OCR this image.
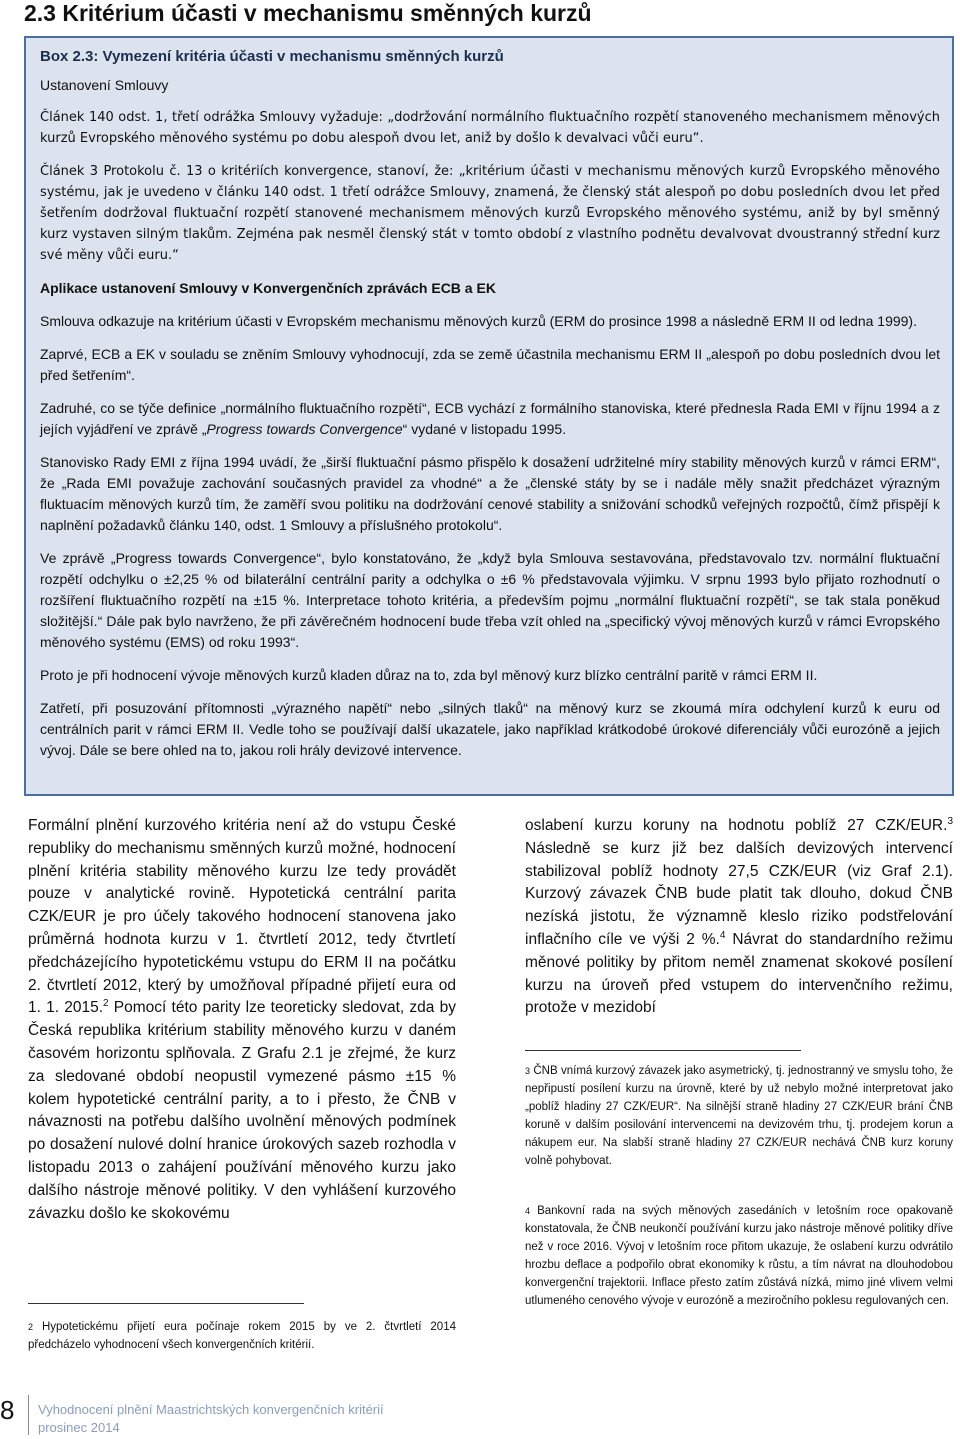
2.3 Kritérium účasti v mechanismu směnných kurzů
Box 2.3: Vymezení kritéria účasti v mechanismu směnných kurzů
Ustanovení Smlouvy

Článek 140 odst. 1, třetí odrážka Smlouvy vyžaduje: „dodržování normálního fluktuačního rozpětí stanoveného mechanismem měnových kurzů Evropského měnového systému po dobu alespoň dvou let, aniž by došlo k devalvaci vůči euru“.

Článek 3 Protokolu č. 13 o kritériích konvergence, stanoví, že: „kritérium účasti v mechanismu měnových kurzů Evropského měnového systému, jak je uvedeno v článku 140 odst. 1 třetí odrážce Smlouvy, znamená, že členský stát alespoň po dobu posledních dvou let před šetřením dodržoval fluktuační rozpětí stanovené mechanismem měnových kurzů Evropského měnového systému, aniž by byl směnný kurz vystaven silným tlakům. Zejména pak nesměl členský stát v tomto období z vlastního podnětu devalvovat dvoustranný střední kurz své měny vůči euru.“

Aplikace ustanovení Smlouvy v Konvergenčních zprávách ECB a EK

Smlouva odkazuje na kritérium účasti v Evropském mechanismu měnových kurzů (ERM do prosince 1998 a následně ERM II od ledna 1999).

Zaprvé, ECB a EK v souladu se zněním Smlouvy vyhodnocují, zda se země účastnila mechanismu ERM II „alespoň po dobu posledních dvou let před šetřením“.

Zadruhé, co se týče definice „normálního fluktuačního rozpětí“, ECB vychází z formálního stanoviska, které přednesla Rada EMI v říjnu 1994 a z jejích vyjádření ve zprávě „Progress towards Convergence“ vydané v listopadu 1995.

Stanovisko Rady EMI z října 1994 uvádí, že „širší fluktuační pásmo přispělo k dosažení udržitelné míry stability měnových kurzů v rámci ERM“, že „Rada EMI považuje zachování současných pravidel za vhodné“ a že „členské státy by se i nadále měly snažit předcházet výrazným fluktuacím měnových kurzů tím, že zaměří svou politiku na dodržování cenové stability a snižování schodků veřejných rozpočtů, čímž přispějí k naplnění požadavků článku 140, odst. 1 Smlouvy a příslušného protokolu“.

Ve zprávě „Progress towards Convergence“, bylo konstatováno, že „když byla Smlouva sestavována, představovalo tzv. normální fluktuační rozpětí odchylku o ±2,25 % od bilaterální centrální parity a odchylka o ±6 % představovala výjimku. V srpnu 1993 bylo přijato rozhodnutí o rozšíření fluktuačního rozpětí na ±15 %. Interpretace tohoto kritéria, a především pojmu „normální fluktuační rozpětí“, se tak stala poněkud složitější.“ Dále pak bylo navrženo, že při závěrečném hodnocení bude třeba vzít ohled na „specifický vývoj měnových kurzů v rámci Evropského měnového systému (EMS) od roku 1993“.

Proto je při hodnocení vývoje měnových kurzů kladen důraz na to, zda byl měnový kurz blízko centrální paritě v rámci ERM II.

Zatřetí, při posuzování přítomnosti „výrazného napětí“ nebo „silných tlaků“ na měnový kurz se zkoumá míra odchylení kurzů k euru od centrálních parit v rámci ERM II. Vedle toho se používají další ukazatele, jako například krátkodobé úrokové diferenciály vůči eurozóně a jejich vývoj. Dále se bere ohled na to, jakou roli hrály devizové intervence.

Formální plnění kurzového kritéria není až do vstupu České republiky do mechanismu směnných kurzů možné, hodnocení plnění kritéria stability měnového kurzu lze tedy provádět pouze v analytické rovině. Hypotetická centrální parita CZK/EUR je pro účely takového hodnocení stanovena jako průměrná hodnota kurzu v 1. čtvrtletí 2012, tedy čtvrtletí předcházejícího hypotetickému vstupu do ERM II na počátku 2. čtvrtletí 2012, který by umožňoval případné přijetí eura od 1. 1. 2015.$^2$ Pomocí této parity lze teoreticky sledovat, zda by Česká republika kritérium stability měnového kurzu v daném časovém horizontu splňovala. Z Grafu 2.1 je zřejmé, že kurz za sledované období neopustil vymezené pásmo ±15 % kolem hypotetické centrální parity, a to i přesto, že ČNB v návaznosti na potřebu dalšího uvolnění měnových podmínek po dosažení nulové dolní hranice úrokových sazeb rozhodla v listopadu 2013 o zahájení používání měnového kurzu jako dalšího nástroje měnové politiky. V den vyhlášení kurzového závazku došlo ke skokovému

oslabení kurzu koruny na hodnotu poblíž 27 CZK/EUR.$^3$ Následně se kurz již bez dalších devizových intervencí stabilizoval poblíž hodnoty 27,5 CZK/EUR (viz Graf 2.1). Kurzový závazek ČNB bude platit tak dlouho, dokud ČNB nezíská jistotu, že významně kleslo riziko podstřelování inflačního cíle ve výši 2 %.$^4$ Návrat do standardního režimu měnové politiky by přitom neměl znamenat skokové posílení kurzu na úroveň před vstupem do intervenčního režimu, protože v mezidobí

$^2$ Hypotetickému přijetí eura počínaje rokem 2015 by ve 2. čtvrtletí 2014 předcházelo vyhodnocení všech konvergenčních kritérií.

$^3$ ČNB vnímá kurzový závazek jako asymetrický, tj. jednostranný ve smyslu toho, že nepřipustí posílení kurzu na úrovně, které by už nebylo možné interpretovat jako „poblíž hladiny 27 CZK/EUR“. Na silnější straně hladiny 27 CZK/EUR brání ČNB koruně v dalším posilování intervencemi na devizovém trhu, tj. prodejem korun a nákupem eur. Na slabší straně hladiny 27 CZK/EUR nechává ČNB kurz koruny volně pohybovat.

$^4$ Bankovní rada na svých měnových zasedáních v letošním roce opakovaně konstatovala, že ČNB neukončí používání kurzu jako nástroje měnové politiky dříve než v roce 2016. Vývoj v letošním roce přitom ukazuje, že oslabení kurzu odvrátilo hrozbu deflace a podpořilo obrat ekonomiky k růstu, a tím návrat na dlouhodobou konvergenční trajektorii. Inflace přesto zatím zůstává nízká, mimo jiné vlivem velmi utlumeného cenového vývoje v eurozóně a meziročního poklesu regulovaných cen.

8 Vyhodnocení plnění Maastrichtských konvergenčních kritérií
prosinec 2014
